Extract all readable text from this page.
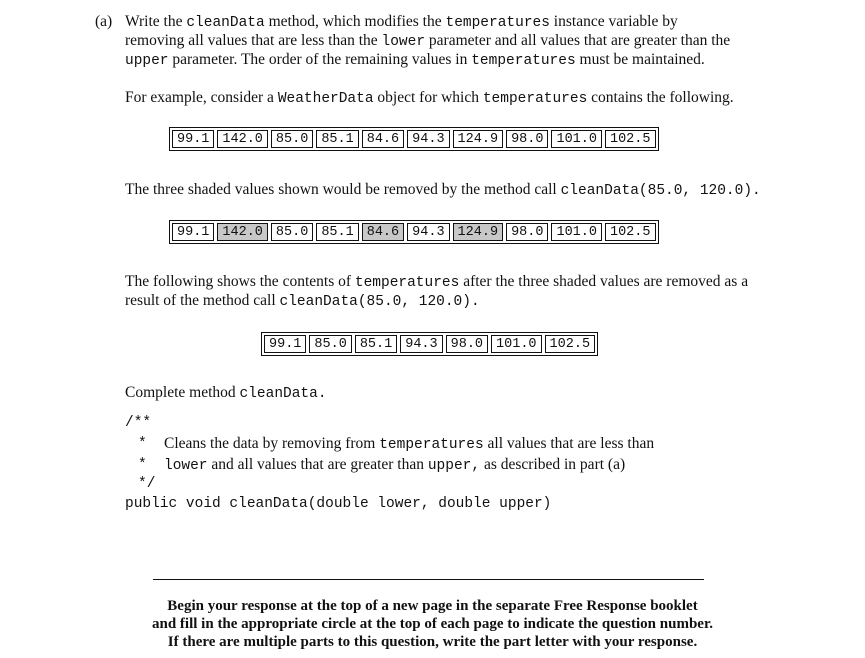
(a) Write the cleanData method, which modifies the temperatures instance variable by
removing all values that are less than the lower parameter and all values that are greater than the
upper parameter. The order of the remaining values in temperatures must be maintained.
For example, consider a WeatherData object for which temperatures contains the following.
99.1 142.0 85.0 85.1 84.6 94.3 124.9 98.0 101.0 102.5
The three shaded values shown would be removed by the method call cleanData(85.0, 120.0).
99.1 142.0 85.0 85.1 84.6 94.3 124.9 98.0 101.0 102.5
The following shows the contents of temperatures after the three shaded values are removed as a
result of the method call cleanData(85.0, 120.0).
99.1 85.0 85.1 94.3 98.0 101.0 102.5
Complete method cleanData.
/**
* Cleans the data by removing from temperatures all values that are less than
* lower and all values that are greater than upper, as described in part (a)
*/
public void cleanData(double lower, double upper)
Begin your response at the top of a new page in the separate Free Response booklet
and fill in the appropriate circle at the top of each page to indicate the question number.
If there are multiple parts to this question, write the part letter with your response.
